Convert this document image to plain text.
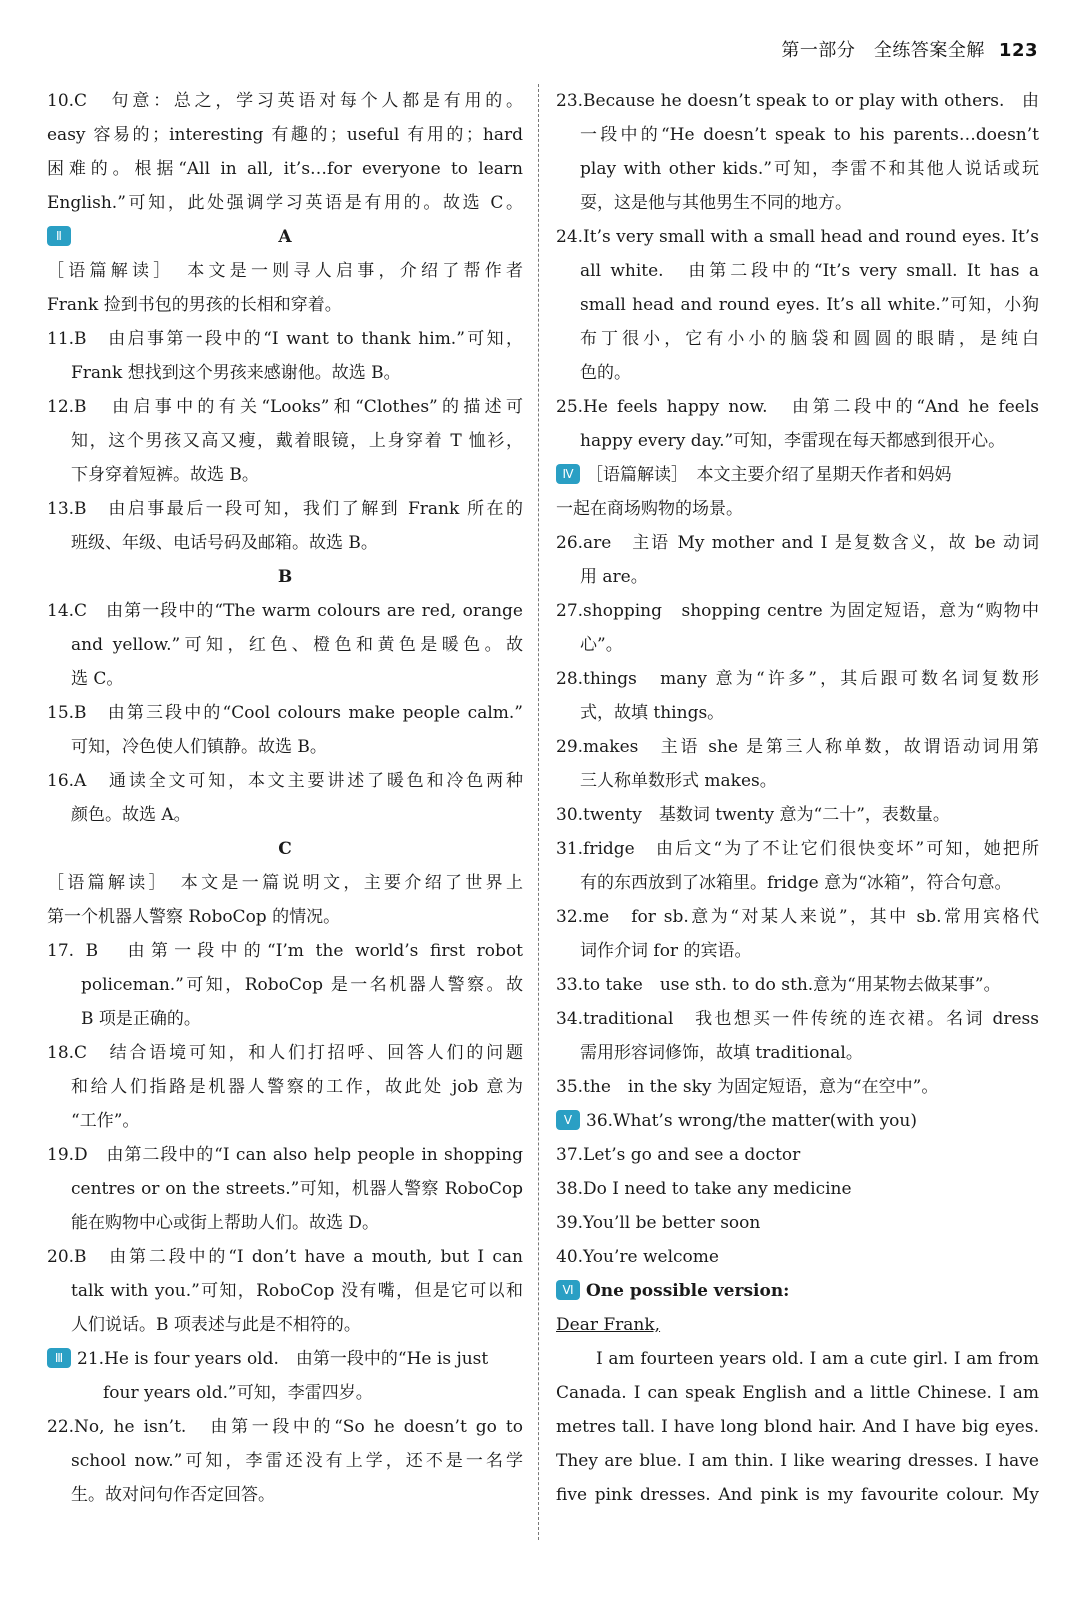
第一部分　全练答案全解 123
10.C　句意：总之，学习英语对每个人都是有用的。
easy 容易的；interesting 有趣的；useful 有用的；hard
困难的。根据“All in all, it’s…for everyone to learn
English.”可知，此处强调学习英语是有用的。故选 C。
Ⅱ	A
［语篇解读］　本文是一则寻人启事，介绍了帮作者
Frank 捡到书包的男孩的长相和穿着。
11.B　由启事第一段中的“I want to thank him.”可知，
Frank 想找到这个男孩来感谢他。故选 B。
12.B　由启事中的有关“Looks”和“Clothes”的描述可
知，这个男孩又高又瘦，戴着眼镜，上身穿着 T 恤衫，
下身穿着短裤。故选 B。
13.B　由启事最后一段可知，我们了解到 Frank 所在的
班级、年级、电话号码及邮箱。故选 B。
B
14.C　由第一段中的“The warm colours are red, orange
and yellow.”可知，红色、橙色和黄色是暖色。故
选 C。
15.B　由第三段中的“Cool colours make people calm.”
可知，冷色使人们镇静。故选 B。
16.A　通读全文可知，本文主要讲述了暖色和冷色两种
颜色。故选 A。
C
［语篇解读］　本文是一篇说明文，主要介绍了世界上
第一个机器人警察 RoboCop 的情况。
17. B　由第一段中的“I’m the world’s first robot
policeman.”可知，RoboCop 是一名机器人警察。故
B 项是正确的。
18.C　结合语境可知，和人们打招呼、回答人们的问题
和给人们指路是机器人警察的工作，故此处 job 意为
“工作”。
19.D　由第二段中的“I can also help people in shopping
centres or on the streets.”可知，机器人警察 RoboCop
能在购物中心或街上帮助人们。故选 D。
20.B　由第二段中的“I don’t have a mouth, but I can
talk with you.”可知，RoboCop 没有嘴，但是它可以和
人们说话。B 项表述与此是不相符的。
Ⅲ 21.He is four years old.　由第一段中的“He is just
four years old.”可知，李雷四岁。
22.No, he isn’t.　由第一段中的“So he doesn’t go to
school now.”可知，李雷还没有上学，还不是一名学
生。故对问句作否定回答。
23.Because he doesn’t speak to or play with others.　由
一段中的“He doesn’t speak to his parents…doesn’t
play with other kids.”可知，李雷不和其他人说话或玩
耍，这是他与其他男生不同的地方。
24.It’s very small with a small head and round eyes. It’s
all white.　由第二段中的“It’s very small. It has a
small head and round eyes. It’s all white.”可知，小狗
布丁很小，它有小小的脑袋和圆圆的眼睛，是纯白
色的。
25.He feels happy now.　由第二段中的“And he feels
happy every day.”可知，李雷现在每天都感到很开心。
Ⅳ ［语篇解读］　本文主要介绍了星期天作者和妈妈
一起在商场购物的场景。
26.are　主语 My mother and I 是复数含义，故 be 动词
用 are。
27.shopping　shopping centre 为固定短语，意为“购物中
心”。
28.things　many 意为“许多”，其后跟可数名词复数形
式，故填 things。
29.makes　主语 she 是第三人称单数，故谓语动词用第
三人称单数形式 makes。
30.twenty　基数词 twenty 意为“二十”，表数量。
31.fridge　由后文“为了不让它们很快变坏”可知，她把所
有的东西放到了冰箱里。fridge 意为“冰箱”，符合句意。
32.me　for sb.意为“对某人来说”，其中 sb.常用宾格代
词作介词 for 的宾语。
33.to take　use sth. to do sth.意为“用某物去做某事”。
34.traditional　我也想买一件传统的连衣裙。名词 dress
需用形容词修饰，故填 traditional。
35.the　in the sky 为固定短语，意为“在空中”。
Ⅴ 36.What’s wrong/the matter(with you)
37.Let’s go and see a doctor
38.Do I need to take any medicine
39.You’ll be better soon
40.You’re welcome
Ⅵ One possible version:
Dear Frank,
I am fourteen years old. I am a cute girl. I am from
Canada. I can speak English and a little Chinese. I am
metres tall. I have long blond hair. And I have big eyes.
They are blue. I am thin. I like wearing dresses. I have
five pink dresses. And pink is my favourite colour. My
